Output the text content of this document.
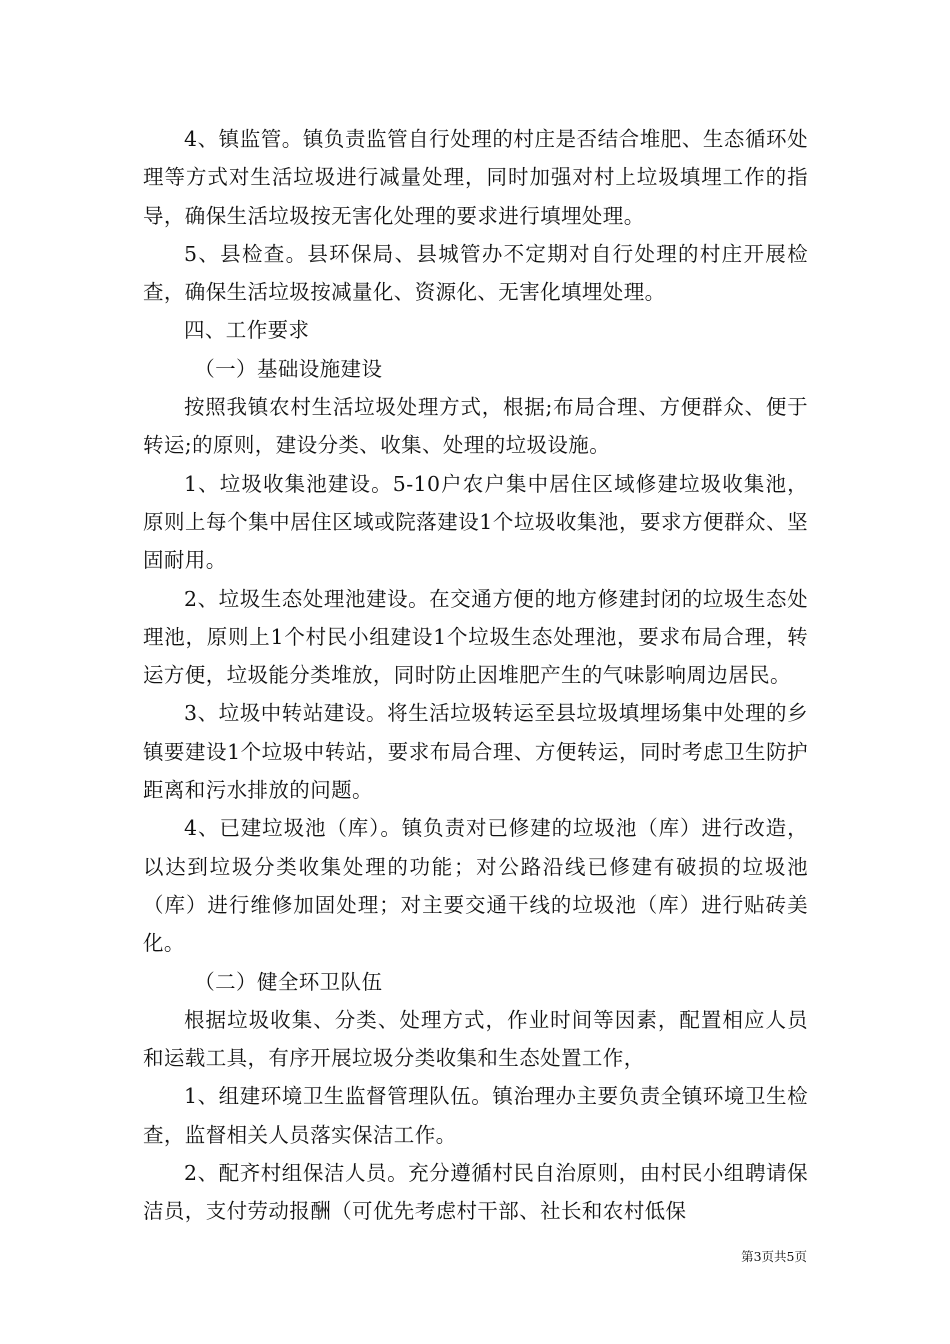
4、镇监管。镇负责监管自行处理的村庄是否结合堆肥、生态循环处理等方式对生活垃圾进行减量处理，同时加强对村上垃圾填埋工作的指导，确保生活垃圾按无害化处理的要求进行填埋处理。

5、县检查。县环保局、县城管办不定期对自行处理的村庄开展检查，确保生活垃圾按减量化、资源化、无害化填埋处理。

四、工作要求

（一）基础设施建设

按照我镇农村生活垃圾处理方式，根据;布局合理、方便群众、便于转运;的原则，建设分类、收集、处理的垃圾设施。

1、垃圾收集池建设。5-10户农户集中居住区域修建垃圾收集池，原则上每个集中居住区域或院落建设1个垃圾收集池，要求方便群众、坚固耐用。

2、垃圾生态处理池建设。在交通方便的地方修建封闭的垃圾生态处理池，原则上1个村民小组建设1个垃圾生态处理池，要求布局合理，转运方便，垃圾能分类堆放，同时防止因堆肥产生的气味影响周边居民。

3、垃圾中转站建设。将生活垃圾转运至县垃圾填埋场集中处理的乡镇要建设1个垃圾中转站，要求布局合理、方便转运，同时考虑卫生防护距离和污水排放的问题。

4、已建垃圾池（库）。镇负责对已修建的垃圾池（库）进行改造，以达到垃圾分类收集处理的功能；对公路沿线已修建有破损的垃圾池（库）进行维修加固处理；对主要交通干线的垃圾池（库）进行贴砖美化。

（二）健全环卫队伍

根据垃圾收集、分类、处理方式，作业时间等因素，配置相应人员和运载工具，有序开展垃圾分类收集和生态处置工作，

1、组建环境卫生监督管理队伍。镇治理办主要负责全镇环境卫生检查，监督相关人员落实保洁工作。

2、配齐村组保洁人员。充分遵循村民自治原则，由村民小组聘请保洁员，支付劳动报酬（可优先考虑村干部、社长和农村低保

第3页共5页
